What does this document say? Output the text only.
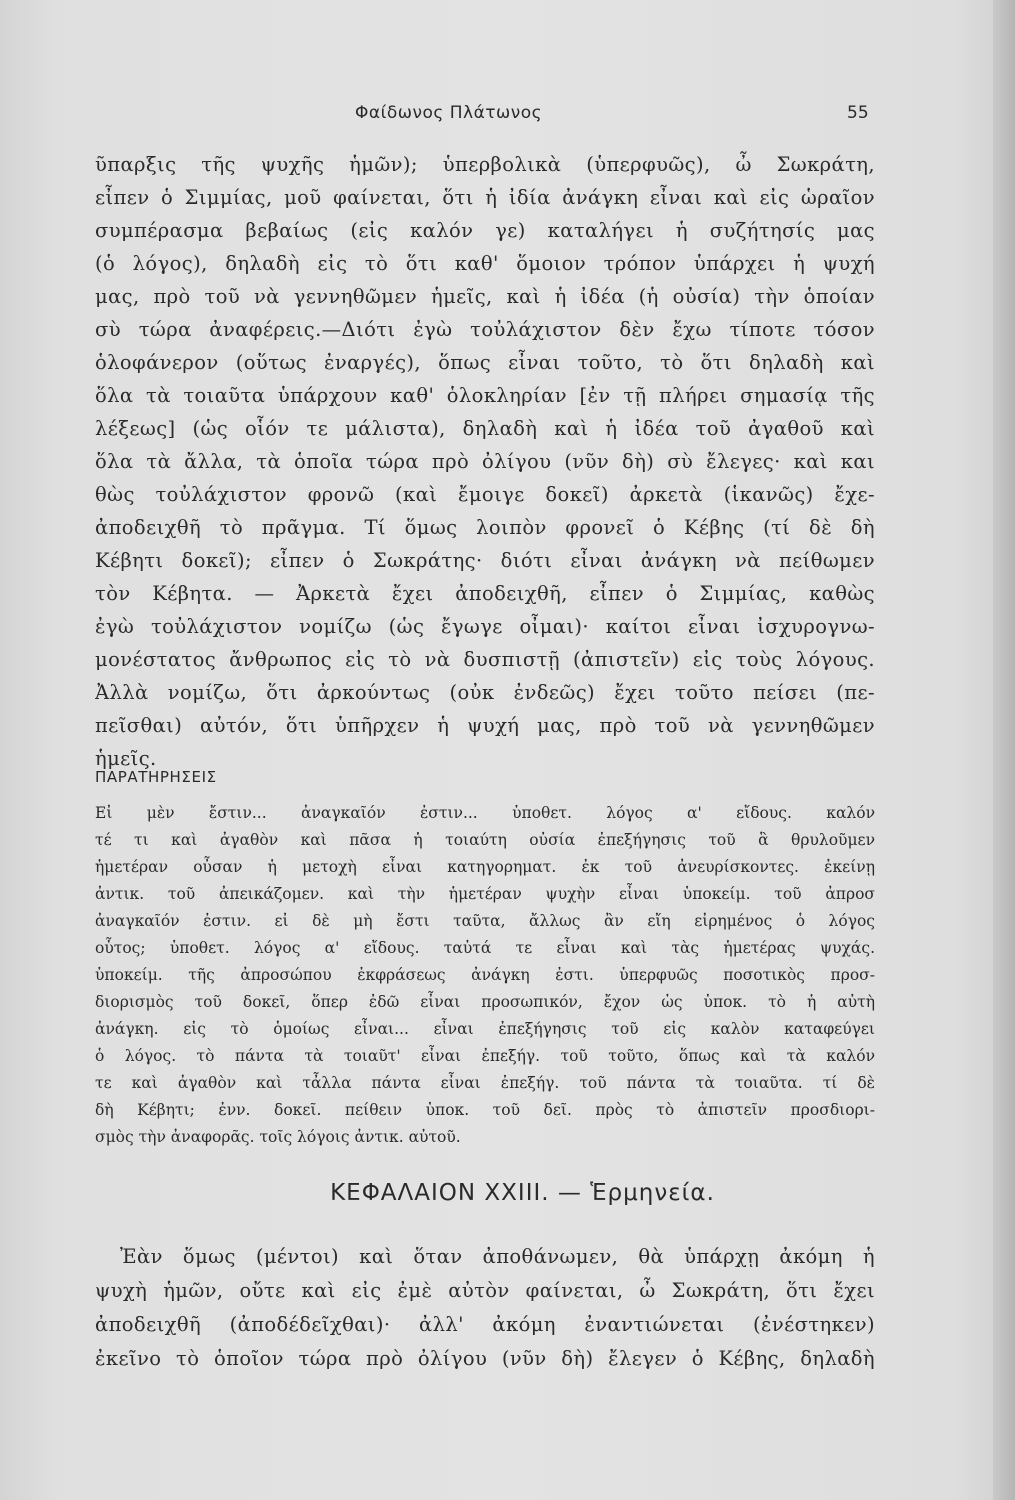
Φαίδωνος Πλάτωνος	55
ῦπαρξις τῆς ψυχῆς ἡμῶν); ὑπερβολικὰ (ὑπερφυῶς), ὦ Σωκράτη,
εἶπεν ὁ Σιμμίας, μοῦ φαίνεται, ὅτι ἡ ἰδία ἀνάγκη εἶναι καὶ εἰς ὡραῖον
συμπέρασμα βεβαίως (εἰς καλόν γε) καταλήγει ἡ συζήτησίς μας
(ὁ λόγος), δηλαδὴ εἰς τὸ ὅτι καθ' ὅμοιον τρόπον ὑπάρχει ἡ ψυχή
μας, πρὸ τοῦ νὰ γεννηθῶμεν ἡμεῖς, καὶ ἡ ἰδέα (ἡ οὐσία) τὴν ὁποίαν
σὺ τώρα ἀναφέρεις.—Διότι ἐγὼ τοὐλάχιστον δὲν ἔχω τίποτε τόσον
ὁλοφάνερον (οὕτως ἐναργές), ὅπως εἶναι τοῦτο, τὸ ὅτι δηλαδὴ καὶ
ὅλα τὰ τοιαῦτα ὑπάρχουν καθ' ὁλοκληρίαν [ἐν τῇ πλήρει σημασίᾳ τῆς
λέξεως] (ὡς οἷόν τε μάλιστα), δηλαδὴ καὶ ἡ ἰδέα τοῦ ἀγαθοῦ καὶ
ὅλα τὰ ἄλλα, τὰ ὁποῖα τώρα πρὸ ὀλίγου (νῦν δὴ) σὺ ἔλεγες· καὶ και
θὼς τοὐλάχιστον φρονῶ (καὶ ἔμοιγε δοκεῖ) ἀρκετὰ (ἱκανῶς) ἔχε-
ἀποδειχθῆ τὸ πρᾶγμα. Τί ὅμως λοιπὸν φρονεῖ ὁ Κέβης (τί δὲ δὴ
Κέβητι δοκεῖ); εἶπεν ὁ Σωκράτης· διότι εἶναι ἀνάγκη νὰ πείθωμεν
τὸν Κέβητα. — Ἀρκετὰ ἔχει ἀποδειχθῆ, εἶπεν ὁ Σιμμίας, καθὼς
ἐγὼ τοὐλάχιστον νομίζω (ὡς ἔγωγε οἶμαι)· καίτοι εἶναι ἰσχυρογνω-
μονέστατος ἄνθρωπος εἰς τὸ νὰ δυσπιστῇ (ἀπιστεῖν) εἰς τοὺς λόγους.
Ἀλλὰ νομίζω, ὅτι ἀρκούντως (οὐκ ἐνδεῶς) ἔχει τοῦτο πείσει (πε-
πεῖσθαι) αὐτόν, ὅτι ὑπῆρχεν ἡ ψυχή μας, πρὸ τοῦ νὰ γεννηθῶμεν
ἡμεῖς.
ΠΑΡΑΤΗΡΗΣΕΙΣ
Εἰ μὲν ἔστιν... ἀναγκαῖόν ἐστιν... ὑποθετ. λόγος α' εἴδους. καλόν
τέ τι καὶ ἀγαθὸν καὶ πᾶσα ἡ τοιαύτη οὐσία ἐπεξήγησις τοῦ ἃ θρυλοῦμεν
ἡμετέραν οὖσαν ἡ μετοχὴ εἶναι κατηγορηματ. ἐκ τοῦ ἀνευρίσκοντες. ἐκείνῃ
ἀντικ. τοῦ ἀπεικάζομεν. καὶ τὴν ἡμετέραν ψυχὴν εἶναι ὑποκείμ. τοῦ ἀπροσ
ἀναγκαῖόν ἐστιν. εἰ δὲ μὴ ἔστι ταῦτα, ἄλλως ἂν εἴη εἰρημένος ὁ λόγος
οὗτος; ὑποθετ. λόγος α' εἴδους. ταὐτά τε εἶναι καὶ τὰς ἡμετέρας ψυχάς.
ὑποκείμ. τῆς ἀπροσώπου ἐκφράσεως ἀνάγκη ἐστι. ὑπερφυῶς ποσοτικὸς προσ-
διορισμὸς τοῦ δοκεῖ, ὅπερ ἐδῶ εἶναι προσωπικόν, ἔχον ὡς ὑποκ. τὸ ἡ αὐτὴ
ἀνάγκη. εἰς τὸ ὁμοίως εἶναι... εἶναι ἐπεξήγησις τοῦ εἰς καλὸν καταφεύγει
ὁ λόγος. τὸ πάντα τὰ τοιαῦτ' εἶναι ἐπεξήγ. τοῦ τοῦτο, ὅπως καὶ τὰ καλόν
τε καὶ ἀγαθὸν καὶ τἆλλα πάντα εἶναι ἐπεξήγ. τοῦ πάντα τὰ τοιαῦτα. τί δὲ
δὴ Κέβητι; ἐνν. δοκεῖ. πείθειν ὑποκ. τοῦ δεῖ. πρὸς τὸ ἀπιστεῖν προσδιορι-
σμὸς τὴν ἀναφορᾶς. τοῖς λόγοις ἀντικ. αὐτοῦ.
ΚΕΦΑΛΑΙΟΝ XXIII. — Ἑρμηνεία.
Ἐὰν ὅμως (μέντοι) καὶ ὅταν ἀποθάνωμεν, θὰ ὑπάρχῃ ἀκόμη ἡ
ψυχὴ ἡμῶν, οὔτε καὶ εἰς ἐμὲ αὐτὸν φαίνεται, ὦ Σωκράτη, ὅτι ἔχει
ἀποδειχθῆ (ἀποδέδεῖχθαι)· ἀλλ' ἀκόμη ἐναντιώνεται (ἐνέστηκεν)
ἐκεῖνο τὸ ὁποῖον τώρα πρὸ ὀλίγου (νῦν δὴ) ἔλεγεν ὁ Κέβης, δηλαδὴ
